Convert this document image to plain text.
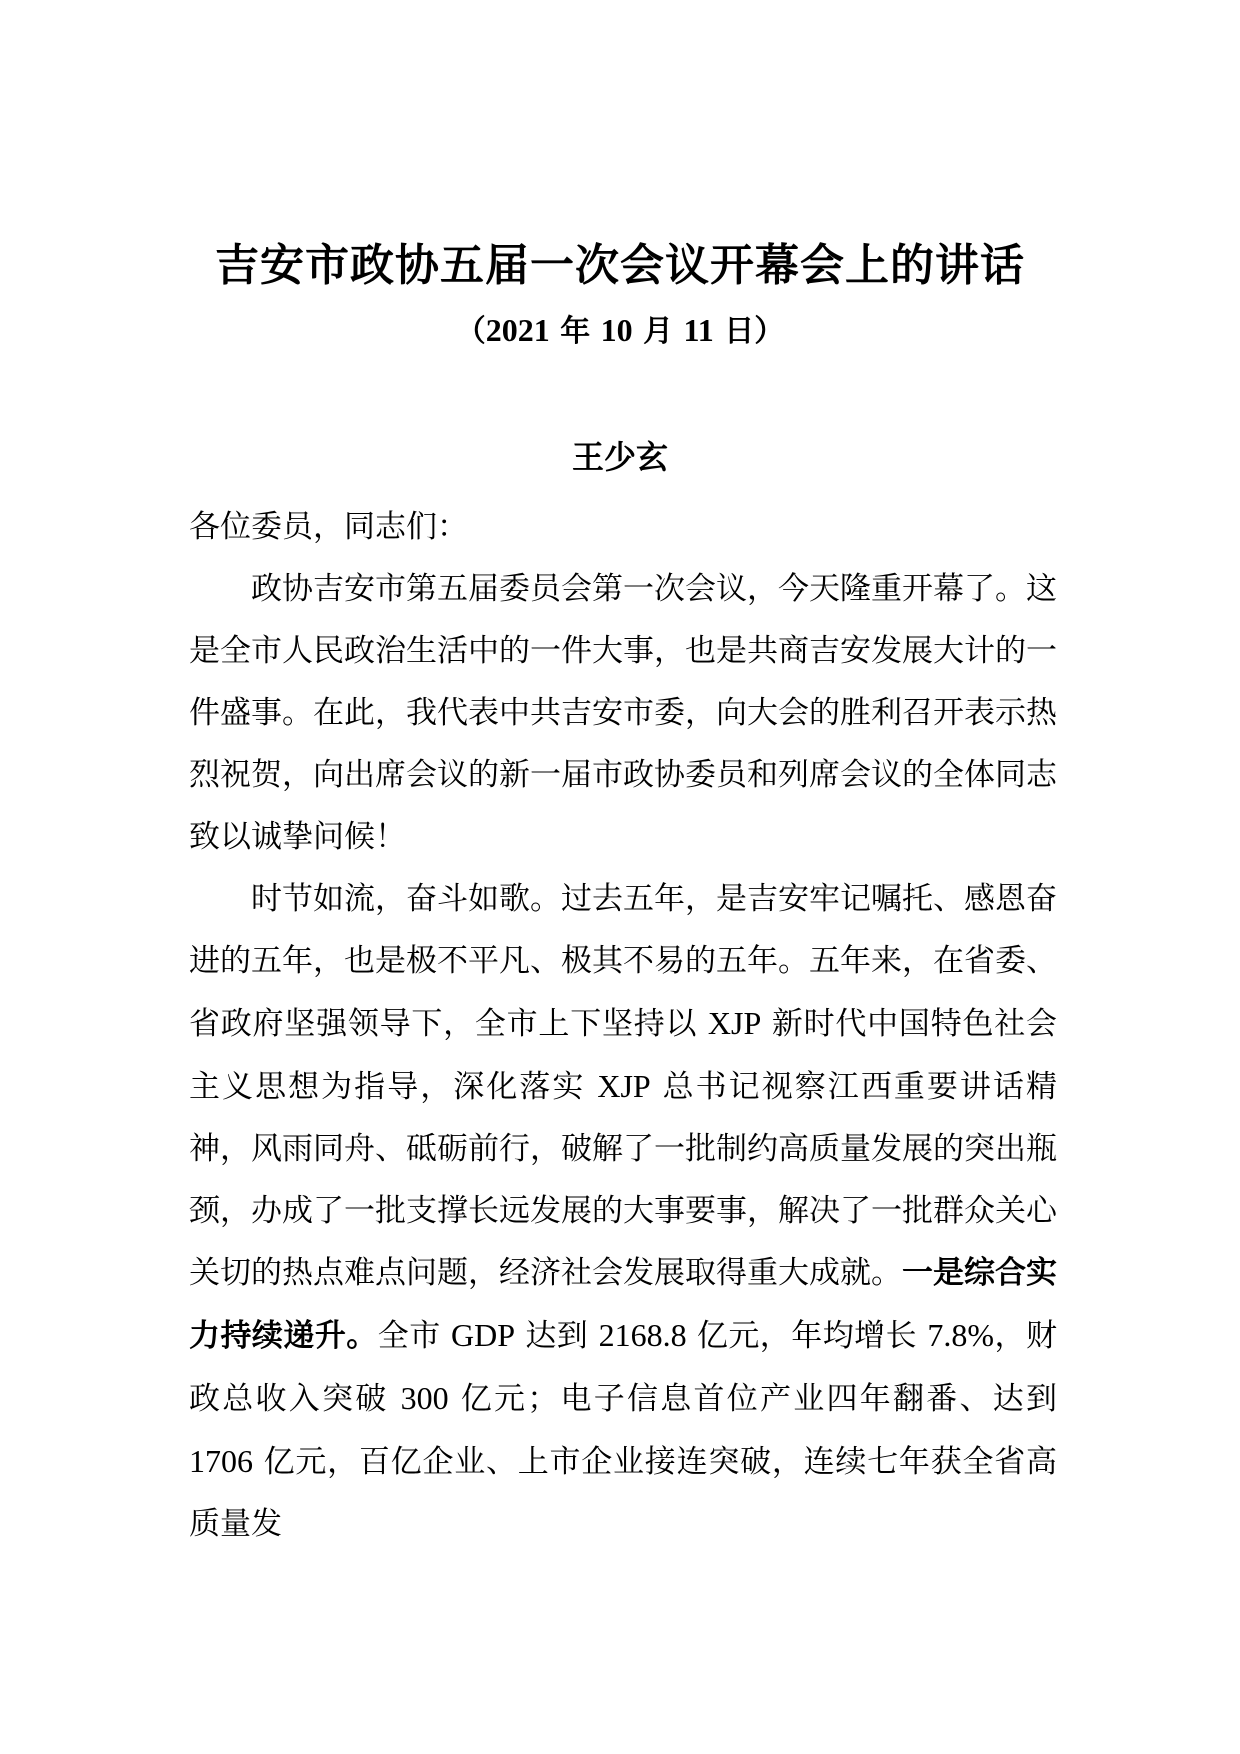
吉安市政协五届一次会议开幕会上的讲话
（2021 年 10 月 11 日）
王少玄

各位委员，同志们：

政协吉安市第五届委员会第一次会议，今天隆重开幕了。这是全市人民政治生活中的一件大事，也是共商吉安发展大计的一件盛事。在此，我代表中共吉安市委，向大会的胜利召开表示热烈祝贺，向出席会议的新一届市政协委员和列席会议的全体同志致以诚挚问候！

时节如流，奋斗如歌。过去五年，是吉安牢记嘱托、感恩奋进的五年，也是极不平凡、极其不易的五年。五年来，在省委、省政府坚强领导下，全市上下坚持以 XJP 新时代中国特色社会主义思想为指导，深化落实 XJP 总书记视察江西重要讲话精神，风雨同舟、砥砺前行，破解了一批制约高质量发展的突出瓶颈，办成了一批支撑长远发展的大事要事，解决了一批群众关心关切的热点难点问题，经济社会发展取得重大成就。一是综合实力持续递升。全市 GDP 达到 2168.8 亿元，年均增长 7.8%，财政总收入突破 300 亿元；电子信息首位产业四年翻番、达到 1706 亿元，百亿企业、上市企业接连突破，连续七年获全省高质量发
